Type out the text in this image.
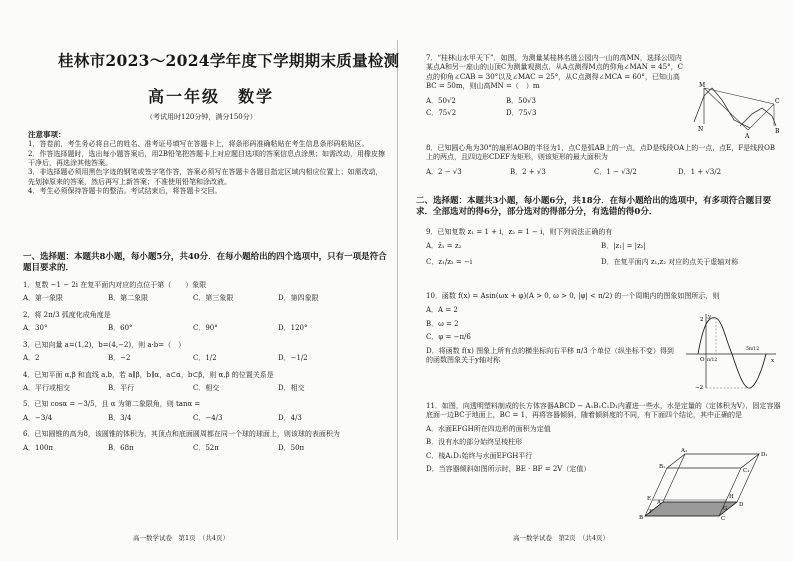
桂林市2023～2024学年度下学期期末质量检测
高一年级　数学
（考试用时120分钟，满分150分）
注意事项：
1．答卷前，考生务必将自己的姓名、准考证号填写在答题卡上，将条形码准确粘贴在考生信息条形码粘贴区。
2．作答选择题时，选出每小题答案后，用2B铅笔把答题卡上对应题目选项的答案信息点涂黑；如需改动，用橡皮擦干净后，再选涂其他答案。
3．非选择题必须用黑色字迹的钢笔或签字笔作答，答案必须写在答题卡各题目指定区域内相应位置上；如需改动，先划掉原来的答案，然后再写上新答案；不准使用铅笔和涂改液。
4．考生必须保持答题卡的整洁。考试结束后，将答题卡交回。
一、选择题：本题共8小题，每小题5分，共40分．在每小题给出的四个选项中，只有一项是符合题目要求的．
1．复数 −1 − 2i 在复平面内对应的点位于第（　　）象限
A．第一象限	B．第二象限	C．第三象限	D．第四象限
2．将 2π/3 弧度化成角度是
A．30°	B．60°	C．90°	D．120°
3．已知向量 a=(1,2)，b=(4,−2)，则 a·b=（　）
A．2	B．−2	C．1/2	D．−1/2
4．已知平面 α,β 和直线 a,b，若 a∥β，b∥α，a⊂α，b⊂β，则 α,β 的位置关系是
A．平行或相交	B．平行	C．相交	D．相交
5．已知 cosα = −3/5，且 α 为第二象限角，则 tanα =
A．−3/4	B．3/4	C．−4/3	D．4/3
6．已知圆锥的高为8，该圆锥的体积为，其顶点和底面圆周都在同一个球的球面上，则该球的表面积为
A．100π	B．68π	C．52π	D．50π
高一数学试卷　第1页　（共4页）
7．“桂林山水甲天下”．如图，为测量某桂林名胜公园内一山的高MN，选择公园内某点A和另一座山的山顶C为测量观测点．从A点测得M点的仰角∠MAN = 45°，C点的仰角∠CAB = 30°以及∠MAC = 25°，从C点测得∠MCA = 60°，已知山高BC = 50m，则山高MN =（　）m
A．50√2	B．50√3
C．75√2	D．75√3
M
C
A
B
N
8．已知圆心角为30°的扇形AOB的半径为1，点C是弧AB上的一点，点D是线段OA上的一点，点E，F是线段OB上的两点，且四边形CDEF为矩形，则该矩形的最大面积为
A．2 − √3	B．2 + √3	C．1 − √3/2	D．1 + √3/2
二、选择题：本题共3小题，每小题6分，共18分．在每小题给出的选项中，有多项符合题目要求．全部选对的得6分，部分选对的得部分分，有选错的得0分．
9．已知复数 z₁ = 1 + i，z₂ = 1 − i，则下列说法正确的有
A．z̄₁ = z₂	B．|z₁| = |z₂|
C．z₁/z₂ = −i	D．在复平面内 z₁,z₂ 对应的点关于虚轴对称
10．函数 f(x) = Asin(ωx + φ)(A > 0, ω > 0, |φ| < π/2) 的一个周期内的图象如图所示，则
A．A = 2
B．ω = 2
C．φ = −π/6
D．将函数 f(x) 图象上所有点的横坐标向右平移 π/3 个单位（纵坐标不变）得到的函数图象关于y轴对称
y
x
O
2
−2
π/12
5π/12
11．如图，向透明塑料制成的长方体容器ABCD − A₁B₁C₁D₁内灌进一些水，水是定量的（定体积为V）．固定容器底面一边BC于地面上，BC = 1，再将容器倾斜，随着倾斜度的不同，有下面四个结论，其中正确的是
A．水面EFGH所在四边形的面积为定值
B．没有水的部分始终呈棱柱形
C．棱A₁D₁始终与水面EFGH平行
D．当容器倾斜如图所示时，BE · BF = 2V（定值）
A₁
B₁
C₁
D₁
A
B	C
D
E
F	G
H
高一数学试卷　第2页　（共4页）
